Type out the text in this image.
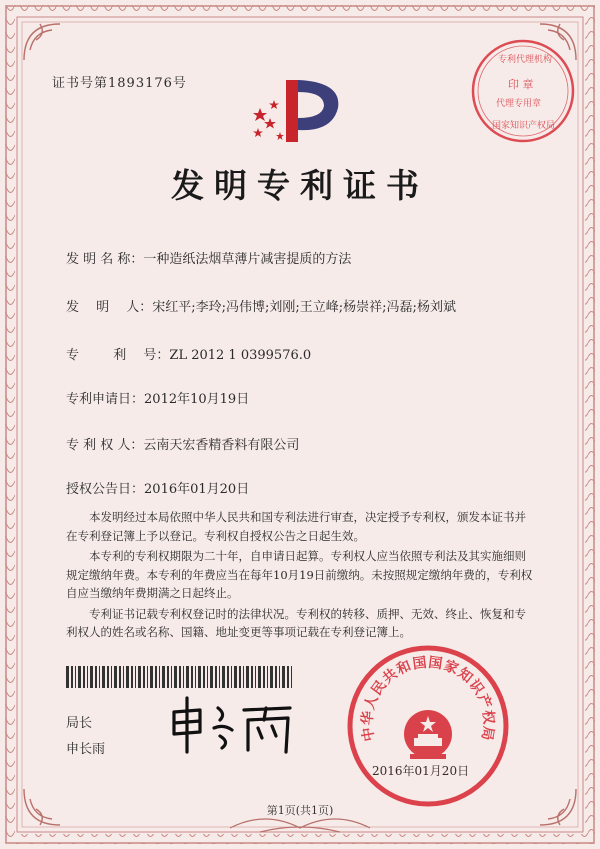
证书号第1893176号
专利代理机构
印 章
代理专用章
国家知识产权局
发明专利证书
发 明 名 称：一种造纸法烟草薄片减害提质的方法
发　 明　 人：宋红平;李玲;冯伟博;刘刚;王立峰;杨崇祥;冯磊;杨刘斌
专　 　 利　 号：ZL 2012 1 0399576.0
专利申请日：2012年10月19日
专 利 权 人：云南天宏香精香料有限公司
授权公告日：2016年01月20日

本发明经过本局依照中华人民共和国专利法进行审查，决定授予专利权，颁发本证书并在专利登记簿上予以登记。专利权自授权公告之日起生效。

本专利的专利权期限为二十年，自申请日起算。专利权人应当依照专利法及其实施细则规定缴纳年费。本专利的年费应当在每年10月19日前缴纳。未按照规定缴纳年费的，专利权自应当缴纳年费期满之日起终止。

专利证书记载专利权登记时的法律状况。专利权的转移、质押、无效、终止、恢复和专利权人的姓名或名称、国籍、地址变更等事项记载在专利登记簿上。

局长
申长雨
中华人民共和国国家知识产权局
2016年01月20日
第1页(共1页)
